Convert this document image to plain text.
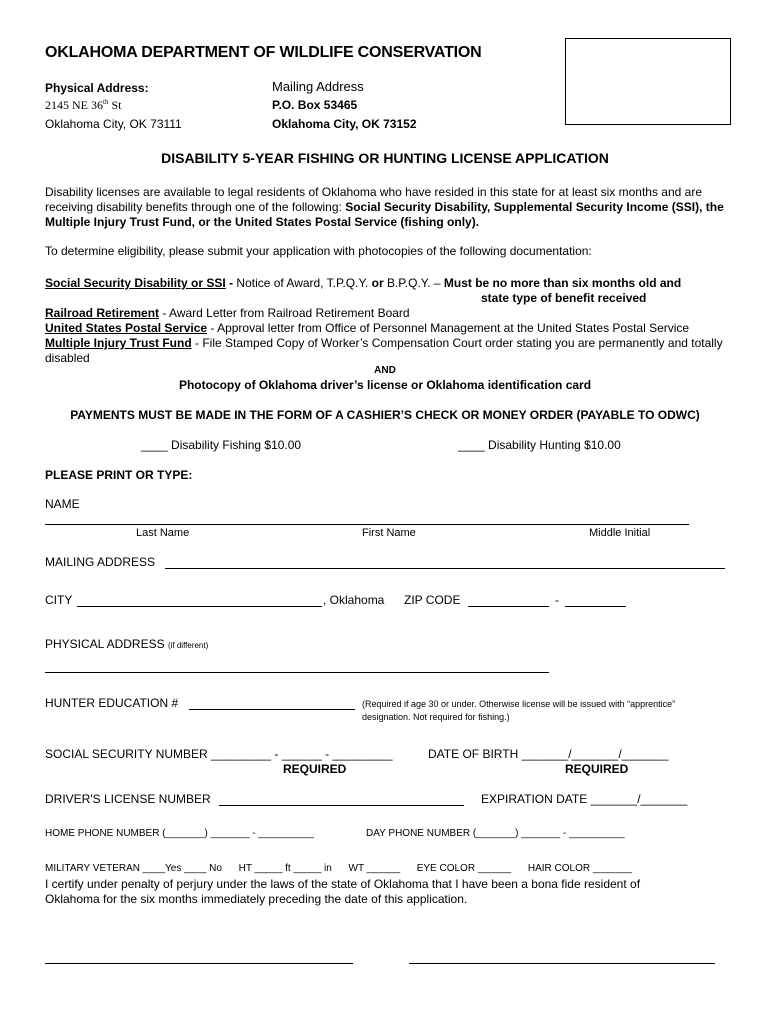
OKLAHOMA DEPARTMENT OF WILDLIFE CONSERVATION
Physical Address:
2145 NE 36th St
Oklahoma City, OK 73111
Mailing Address
P.O. Box 53465
Oklahoma City, OK 73152
DISABILITY 5-YEAR FISHING OR HUNTING LICENSE APPLICATION
Disability licenses are available to legal residents of Oklahoma who have resided in this state for at least six months and are receiving disability benefits through one of the following: Social Security Disability, Supplemental Security Income (SSI), the Multiple Injury Trust Fund, or the United States Postal Service (fishing only).
To determine eligibility, please submit your application with photocopies of the following documentation:
Social Security Disability or SSI - Notice of Award, T.P.Q.Y. or B.P.Q.Y. – Must be no more than six months old and
state type of benefit received
Railroad Retirement - Award Letter from Railroad Retirement Board
United States Postal Service - Approval letter from Office of Personnel Management at the United States Postal Service
Multiple Injury Trust Fund - File Stamped Copy of Worker’s Compensation Court order stating you are permanently and totally disabled
AND
Photocopy of Oklahoma driver’s license or Oklahoma identification card
PAYMENTS MUST BE MADE IN THE FORM OF A CASHIER’S CHECK OR MONEY ORDER (PAYABLE TO ODWC)
____ Disability Fishing $10.00	____ Disability Hunting $10.00
PLEASE PRINT OR TYPE:
NAME
Last Name	First Name	Middle Initial
MAILING ADDRESS
CITY	, Oklahoma ZIP CODE	-
PHYSICAL ADDRESS (if different)
HUNTER EDUCATION #	(Required if age 30 or under. Otherwise license will be issued with “apprentice”
designation. Not required for fishing.)
SOCIAL SECURITY NUMBER _________ - ______ - _________	DATE OF BIRTH _______/_______/_______
REQUIRED	REQUIRED
DRIVER'S LICENSE NUMBER	EXPIRATION DATE _______/_______
HOME PHONE NUMBER (_______) _______ - __________	DAY PHONE NUMBER (_______) _______ - __________
MILITARY VETERAN ____Yes ____ No      HT _____ ft _____ in      WT ______      EYE COLOR ______      HAIR COLOR _______
I certify under penalty of perjury under the laws of the state of Oklahoma that I have been a bona fide resident of Oklahoma for the six months immediately preceding the date of this application.
